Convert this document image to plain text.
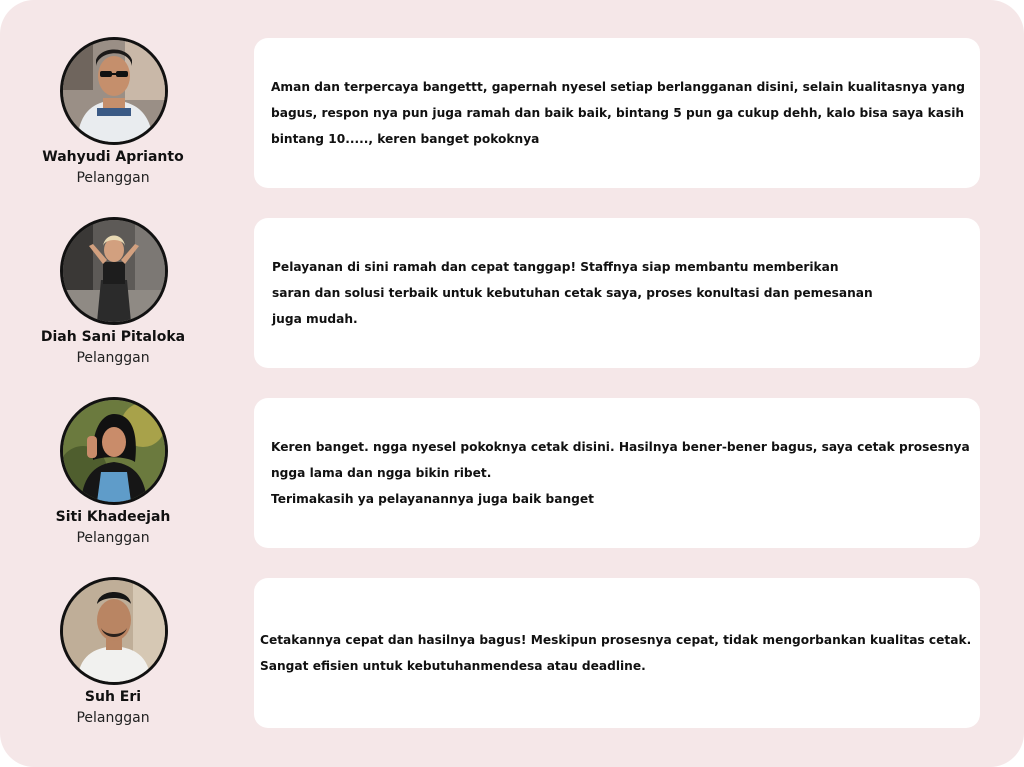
Wahyudi Aprianto
Pelanggan

Aman dan terpercaya bangettt, gapernah nyesel setiap berlangganan disini, selain kualitasnya yang
bagus, respon nya pun juga ramah dan baik baik, bintang 5 pun ga cukup dehh, kalo bisa saya kasih
bintang 10....., keren banget pokoknya

Diah Sani Pitaloka
Pelanggan

Pelayanan di sini ramah dan cepat tanggap! Staffnya siap membantu memberikan
saran dan solusi terbaik untuk kebutuhan cetak saya, proses konultasi dan pemesanan
juga mudah.

Siti Khadeejah
Pelanggan

Keren banget. ngga nyesel pokoknya cetak disini. Hasilnya bener-bener bagus, saya cetak prosesnya
ngga lama dan ngga bikin ribet.
Terimakasih ya pelayanannya juga baik banget

Suh Eri
Pelanggan

Cetakannya cepat dan hasilnya bagus! Meskipun prosesnya cepat, tidak mengorbankan kualitas cetak.
Sangat efisien untuk kebutuhanmendesa atau deadline.
